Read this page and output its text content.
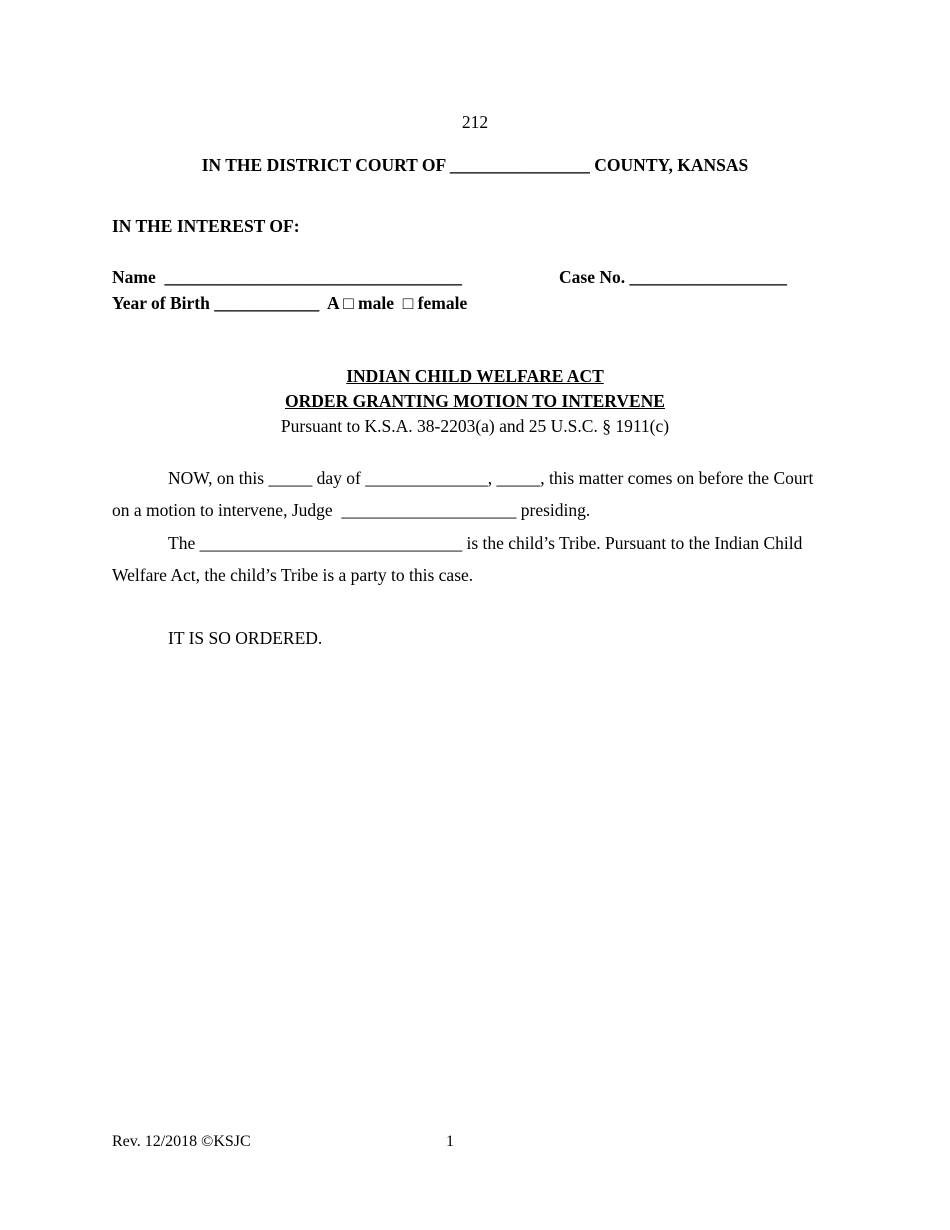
212
IN THE DISTRICT COURT OF ________________ COUNTY, KANSAS
IN THE INTEREST OF:
Name  __________________________________	Case No. __________________
Year of Birth ____________  A □ male  □ female
INDIAN CHILD WELFARE ACT
ORDER GRANTING MOTION TO INTERVENE
Pursuant to K.S.A. 38-2203(a) and 25 U.S.C. § 1911(c)
NOW, on this _____ day of ______________, _____, this matter comes on before the Court
on a motion to intervene, Judge  ____________________ presiding.
The ______________________________ is the child’s Tribe. Pursuant to the Indian Child
Welfare Act, the child’s Tribe is a party to this case.
IT IS SO ORDERED.
Rev. 12/2018 ©KSJC	1
